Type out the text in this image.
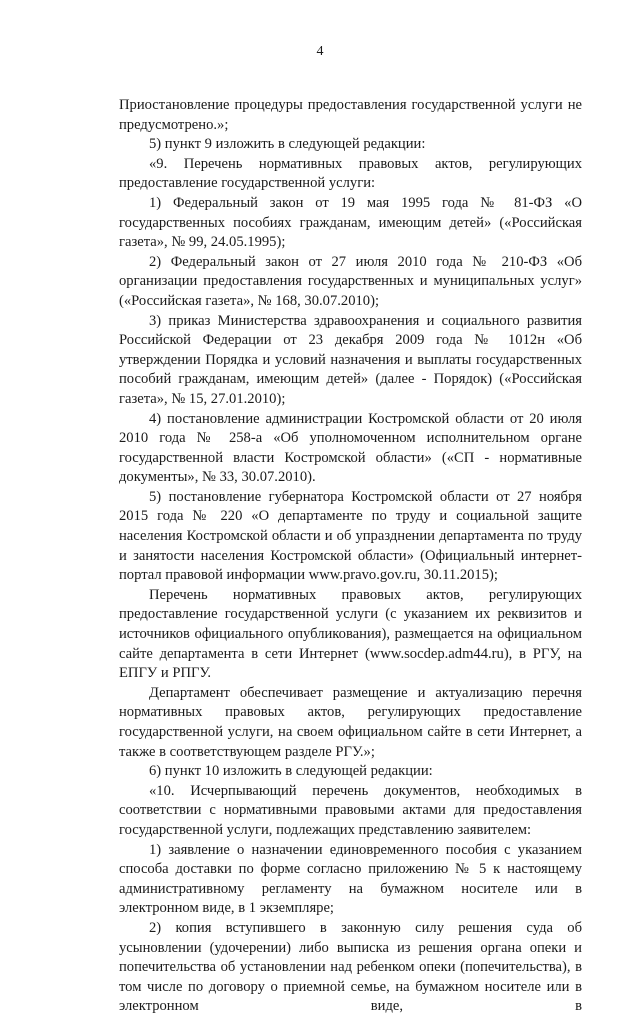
4

Приостановление процедуры предоставления государственной услуги не предусмотрено.»;

5) пункт 9 изложить в следующей редакции:

«9. Перечень нормативных правовых актов, регулирующих предоставление государственной услуги:

1) Федеральный закон от 19 мая 1995 года № 81-ФЗ «О государственных пособиях гражданам, имеющим детей» («Российская газета», № 99, 24.05.1995);

2) Федеральный закон от 27 июля 2010 года № 210-ФЗ «Об организации предоставления государственных и муниципальных услуг» («Российская газета», № 168, 30.07.2010);

3) приказ Министерства здравоохранения и социального развития Российской Федерации от 23 декабря 2009 года № 1012н «Об утверждении Порядка и условий назначения и выплаты государственных пособий гражданам, имеющим детей» (далее - Порядок) («Российская газета», № 15, 27.01.2010);

4) постановление администрации Костромской области от 20 июля 2010 года № 258-а «Об уполномоченном исполнительном органе государственной власти Костромской области» («СП - нормативные документы», № 33, 30.07.2010).

5) постановление губернатора Костромской области от 27 ноября 2015 года № 220 «О департаменте по труду и социальной защите населения Костромской области и об упразднении департамента по труду и занятости населения Костромской области» (Официальный интернет-портал правовой информации www.pravo.gov.ru, 30.11.2015);

Перечень нормативных правовых актов, регулирующих предоставление государственной услуги (с указанием их реквизитов и источников официального опубликования), размещается на официальном сайте департамента в сети Интернет (www.socdep.adm44.ru), в РГУ, на ЕПГУ и РПГУ.

Департамент обеспечивает размещение и актуализацию перечня нормативных правовых актов, регулирующих предоставление государственной услуги, на своем официальном сайте в сети Интернет, а также в соответствующем разделе РГУ.»;

6) пункт 10 изложить в следующей редакции:

«10. Исчерпывающий перечень документов, необходимых в соответствии с нормативными правовыми актами для предоставления государственной услуги, подлежащих представлению заявителем:

1) заявление о назначении единовременного пособия с указанием способа доставки по форме согласно приложению № 5 к настоящему административному регламенту на бумажном носителе или в электронном виде, в 1 экземпляре;

2) копия вступившего в законную силу решения суда об усыновлении (удочерении) либо выписка из решения органа опеки и попечительства об установлении над ребенком опеки (попечительства), в том числе по договору о приемной семье, на бумажном носителе или в электронном виде, в
